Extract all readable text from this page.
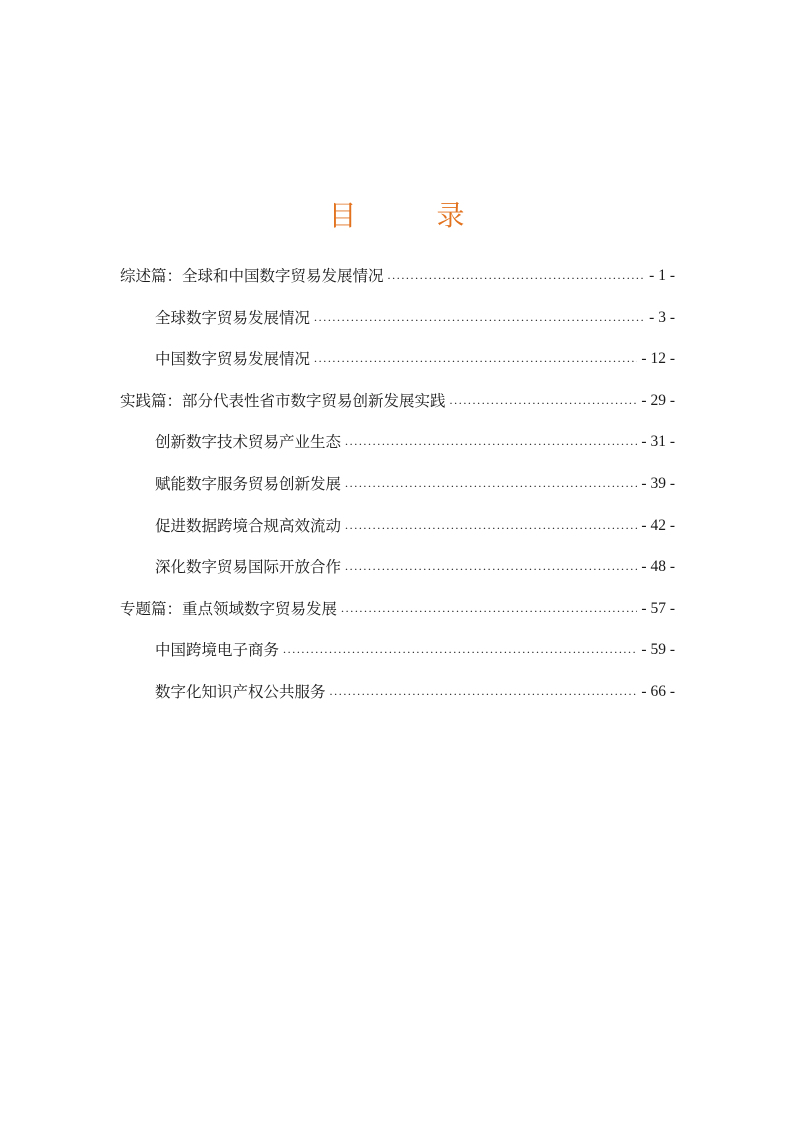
目　录
综述篇：全球和中国数字贸易发展情况 .....	- 1 -
全球数字贸易发展情况 .....	- 3 -
中国数字贸易发展情况 .....	- 12 -
实践篇：部分代表性省市数字贸易创新发展实践 .....	- 29 -
创新数字技术贸易产业生态 .....	- 31 -
赋能数字服务贸易创新发展 .....	- 39 -
促进数据跨境合规高效流动 .....	- 42 -
深化数字贸易国际开放合作 .....	- 48 -
专题篇：重点领域数字贸易发展 .....	- 57 -
中国跨境电子商务 .....	- 59 -
数字化知识产权公共服务 .....	- 66 -
